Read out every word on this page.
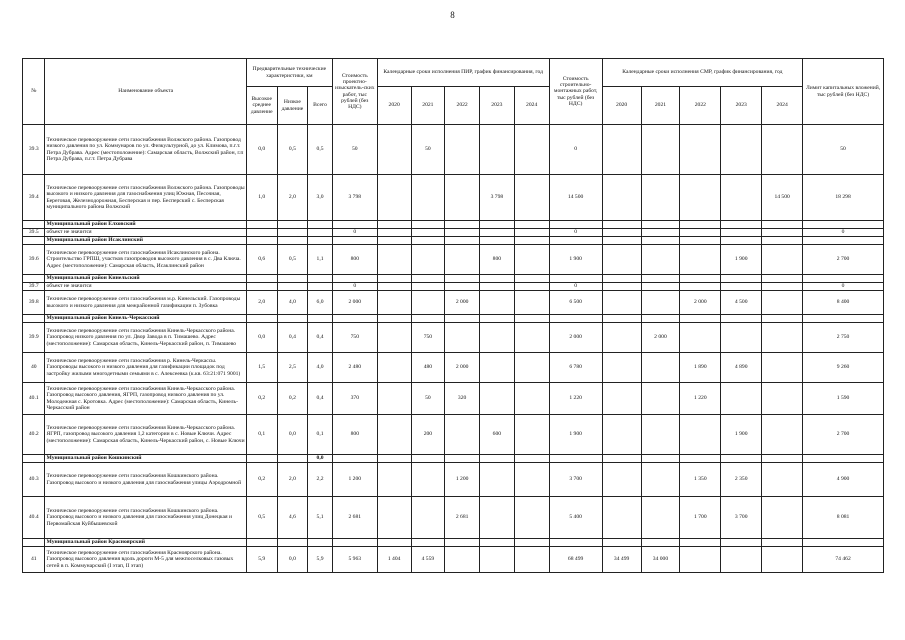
8
№	Наименование объекта	Предварительные технические характеристики, км			Стоимость проектно-изыскатель-ских работ, тыс рублей (без НДС)	Календарные сроки исполнения ПИР, график финансирования, год					Стоимость строительно-монтажных работ, тыс рублей (без НДС)	Календарные сроки исполнения СМР, график финансирования, год					Лимит капитальных вложений, тыс рублей (без НДС)
		Высокое среднее давление	Низкое давление	Всего		2020	2021	2022	2023	2024		2020	2021	2022	2023	2024	
39.3	Техническое перевооружение сети газоснабжения Волжского района. Газопровод низкого давления по ул. Коммунаров по ул. Физкультурной, до ул. Климова, п.г.т. Петра Дубрава. Адрес (местоположение): Самарская область, Волжский район, г.п Петра Дубрава, п.г.т. Петра Дубрава	0,0	0,5	0,5	50		50				0						50
39.4	Техническое перевооружение сети газоснабжения Волжского района. Газопроводы высокого и низкого давления для газоснабжения улиц Южная, Песочная, Береговая, Железнодорожная, Бесперская и пер. Бесперский с. Бесперская муниципального района Волжский	1,0	2,0	3,0	3 798				3 798		14 500					14 500	18 298
	Муниципальный район Елховский																
39.5	объект не значится				0						0						0
	Муниципальный район Исаклинский																
39.6	Техническое перевооружение сети газоснабжения Исаклинского района. Строительство ГРПШ, участков газопроводов высокого давления в с. Два Ключа. Адрес (местоположение): Самарская область, Исаклинский район	0,6	0,5	1,1	800				800		1 900				1 900		2 700
	Муниципальный район Кинельский																
39.7	объект не значится				0						0						0
39.8	Техническое перевооружение сети газоснабжения м.р. Кинельский. Газопроводы высокого и низкого давления для межрайонной газификации п. Зубовка	2,0	4,0	6,0	2 000			2 000			6 500			2 000	4 500		8 400
	Муниципальный район Кинель-Черкасский																
39.9	Техническое перевооружение сети газоснабжения Кинель-Черкасского района. Газопровод низкого давления по ул. Двор Завода в п. Тимашево. Адрес (местоположение): Самарская область, Кинель-Черкасский район, п. Тимашево	0,0	0,4	0,4	750		750				2 000		2 000				2 750
40	Техническое перевооружение сети газоснабжения р. Кинель-Черкассы. Газопроводы высокого и низкого давления для газификации площадок под застройку жилыми многодетными семьями в с. Алексеевка (к.кв. 63:21:071 9001)	1,5	2,5	4,0	2 480		480	2 000			6 780			1 890	4 890		9 260
40.1	Техническое перевооружение сети газоснабжения Кинель-Черкасского района. Газопровод высокого давления, ЯГРП, газопровод низкого давления по ул. Молодежная с. Кротовка. Адрес (местоположение): Самарская область, Кинель-Черкасский район	0,2	0,2	0,4	370		50	320			1 220			1 220			1 590
40.2	Техническое перевооружение сети газоснабжения Кинель-Черкасского района. ЯГРП, газопровод высокого давления 1,2 категории в с. Новые Ключи. Адрес (местоположение): Самарская область, Кинель-Черкасский район, с. Новые Ключи	0,1	0,0	0,1	800		200		600		1 900				1 900		2 700
	Муниципальный район Кошкинский			0,0													
40.3	Техническое перевооружение сети газоснабжения Кошкинского района. Газопровод высокого и низкого давления для газоснабжения улицы Аэродромной	0,2	2,0	2,2	1 200			1 200			3 700			1 350	2 350		4 900
40.4	Техническое перевооружение сети газоснабжения Кошкинского района. Газопровод высокого и низкого давления для газоснабжения улиц Донецкая и Первомайская Куйбышевской	0,5	4,6	5,1	2 681			2 681			5 400			1 700	3 700		8 081
	Муниципальный район Красноярский																
41	Техническое перевооружение сети газоснабжения Красноярского района. Газопровод высокого давления вдоль дороги М-5 для межпоселковых газовых сетей в п. Коммунарский (I этап, II этап)	5,9	0,0	5,9	5 963	1 404	4 559				68 499	34 499	34 000				74 462
